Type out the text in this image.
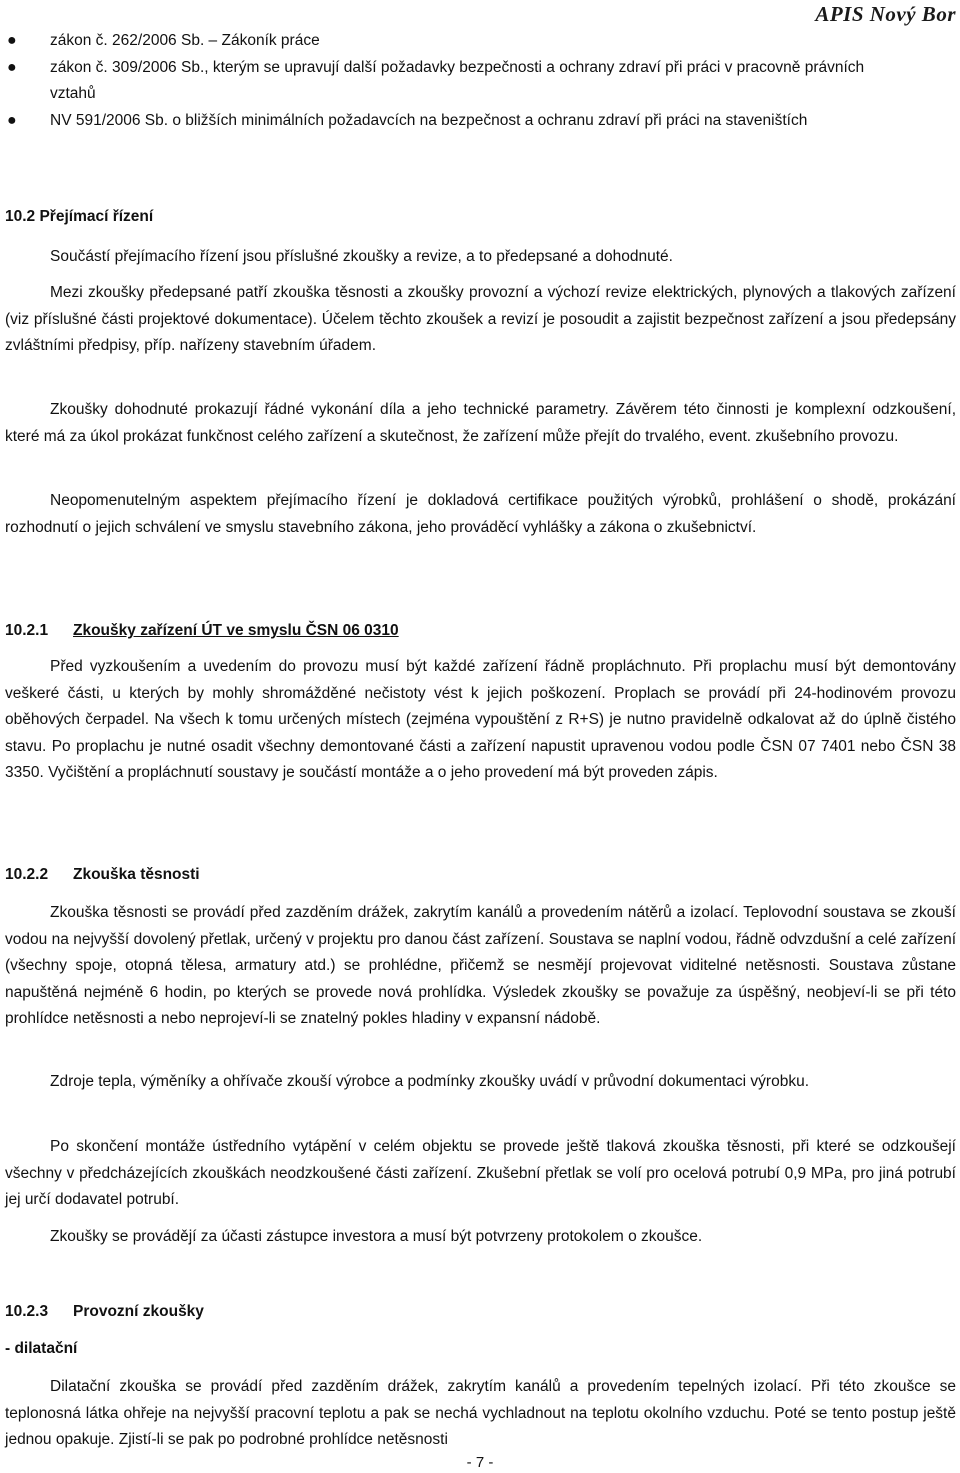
APIS Nový Bor
● zákon č. 262/2006 Sb. – Zákoník práce
● zákon č. 309/2006 Sb., kterým se upravují další požadavky bezpečnosti a ochrany zdraví při práci v pracovně právních vztahů
● NV 591/2006 Sb. o bližších minimálních požadavcích na bezpečnost a ochranu zdraví při práci na staveništích
10.2 Přejímací řízení
Součástí přejímacího řízení jsou příslušné zkoušky a revize, a to předepsané a dohodnuté.
Mezi zkoušky předepsané patří zkouška těsnosti a zkoušky provozní a výchozí revize elektrických, plynových a tlakových zařízení (viz příslušné části projektové dokumentace). Účelem těchto zkoušek a revizí je posoudit a zajistit bezpečnost zařízení a jsou předepsány zvláštními předpisy, příp. nařízeny stavebním úřadem.
Zkoušky dohodnuté prokazují řádné vykonání díla a jeho technické parametry. Závěrem této činnosti je komplexní odzkoušení, které má za úkol prokázat funkčnost celého zařízení a skutečnost, že zařízení může přejít do trvalého, event. zkušebního provozu.
Neopomenutelným aspektem přejímacího řízení je dokladová certifikace použitých výrobků, prohlášení o shodě, prokázání rozhodnutí o jejich schválení ve smyslu stavebního zákona, jeho prováděcí vyhlášky a zákona o zkušebnictví.
10.2.1 Zkoušky zařízení ÚT ve smyslu ČSN 06 0310
Před vyzkoušením a uvedením do provozu musí být každé zařízení řádně propláchnuto. Při proplachu musí být demontovány veškeré části, u kterých by mohly shromážděné nečistoty vést k jejich poškození. Proplach se provádí při 24-hodinovém provozu oběhových čerpadel. Na všech k tomu určených místech (zejména vypouštění z R+S) je nutno pravidelně odkalovat až do úplně čistého stavu. Po proplachu je nutné osadit všechny demontované části a zařízení napustit upravenou vodou podle ČSN 07 7401 nebo ČSN 38 3350. Vyčištění a propláchnutí soustavy je součástí montáže a o jeho provedení má být proveden zápis.
10.2.2 Zkouška těsnosti
Zkouška těsnosti se provádí před zazděním drážek, zakrytím kanálů a provedením nátěrů a izolací. Teplovodní soustava se zkouší vodou na nejvyšší dovolený přetlak, určený v projektu pro danou část zařízení. Soustava se naplní vodou, řádně odvzdušní a celé zařízení (všechny spoje, otopná tělesa, armatury atd.) se prohlédne, přičemž se nesmějí projevovat viditelné netěsnosti. Soustava zůstane napuštěná nejméně 6 hodin, po kterých se provede nová prohlídka. Výsledek zkoušky se považuje za úspěšný, neobjeví-li se při této prohlídce netěsnosti a nebo neprojeví-li se znatelný pokles hladiny v expansní nádobě.
Zdroje tepla, výměníky a ohřívače zkouší výrobce a podmínky zkoušky uvádí v průvodní dokumentaci výrobku.
Po skončení montáže ústředního vytápění v celém objektu se provede ještě tlaková zkouška těsnosti, při které se odzkoušejí všechny v předcházejících zkouškách neodzkoušené části zařízení. Zkušební přetlak se volí pro ocelová potrubí 0,9 MPa, pro jiná potrubí jej určí dodavatel potrubí.
Zkoušky se provádějí za účasti zástupce investora a musí být potvrzeny protokolem o zkoušce.
10.2.3 Provozní zkoušky
- dilatační
Dilatační zkouška se provádí před zazděním drážek, zakrytím kanálů a provedením tepelných izolací. Při této zkoušce se teplonosná látka ohřeje na nejvyšší pracovní teplotu a pak se nechá vychladnout na teplotu okolního vzduchu. Poté se tento postup ještě jednou opakuje. Zjistí-li se pak po podrobné prohlídce netěsnosti
- 7 -
